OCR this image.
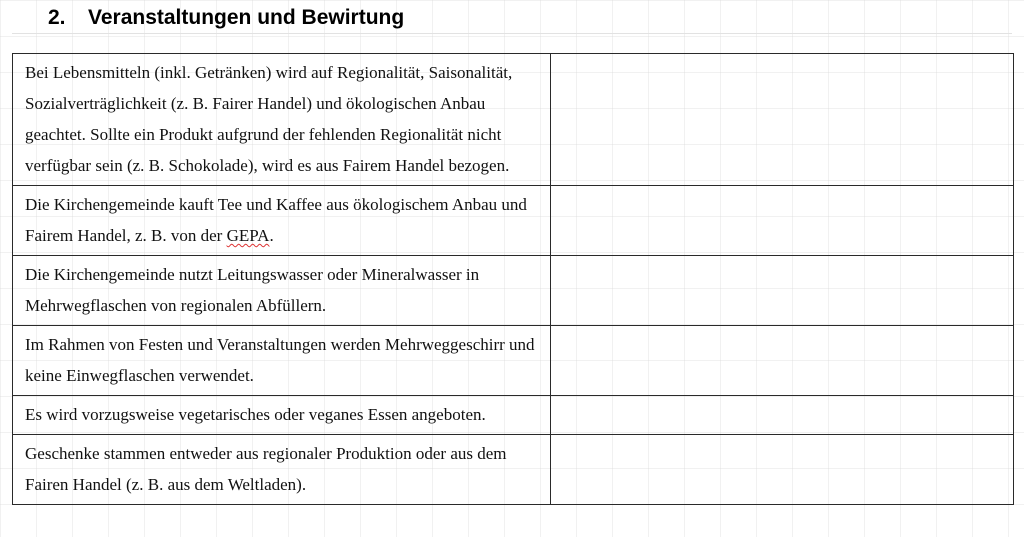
2. Veranstaltungen und Bewirtung
Bei Lebensmitteln (inkl. Getränken) wird auf Regionalität, Saisonalität, Sozialverträglichkeit (z. B. Fairer Handel) und ökologischen Anbau geachtet. Sollte ein Produkt aufgrund der fehlenden Regionalität nicht verfügbar sein (z. B. Schokolade), wird es aus Fairem Handel bezogen.	
Die Kirchengemeinde kauft Tee und Kaffee aus ökologischem Anbau und Fairem Handel, z. B. von der GEPA.	
Die Kirchengemeinde nutzt Leitungswasser oder Mineralwasser in Mehrwegflaschen von regionalen Abfüllern.	
Im Rahmen von Festen und Veranstaltungen werden Mehrweggeschirr und keine Einwegflaschen verwendet.	
Es wird vorzugsweise vegetarisches oder veganes Essen angeboten.	
Geschenke stammen entweder aus regionaler Produktion oder aus dem Fairen Handel (z. B. aus dem Weltladen).	
